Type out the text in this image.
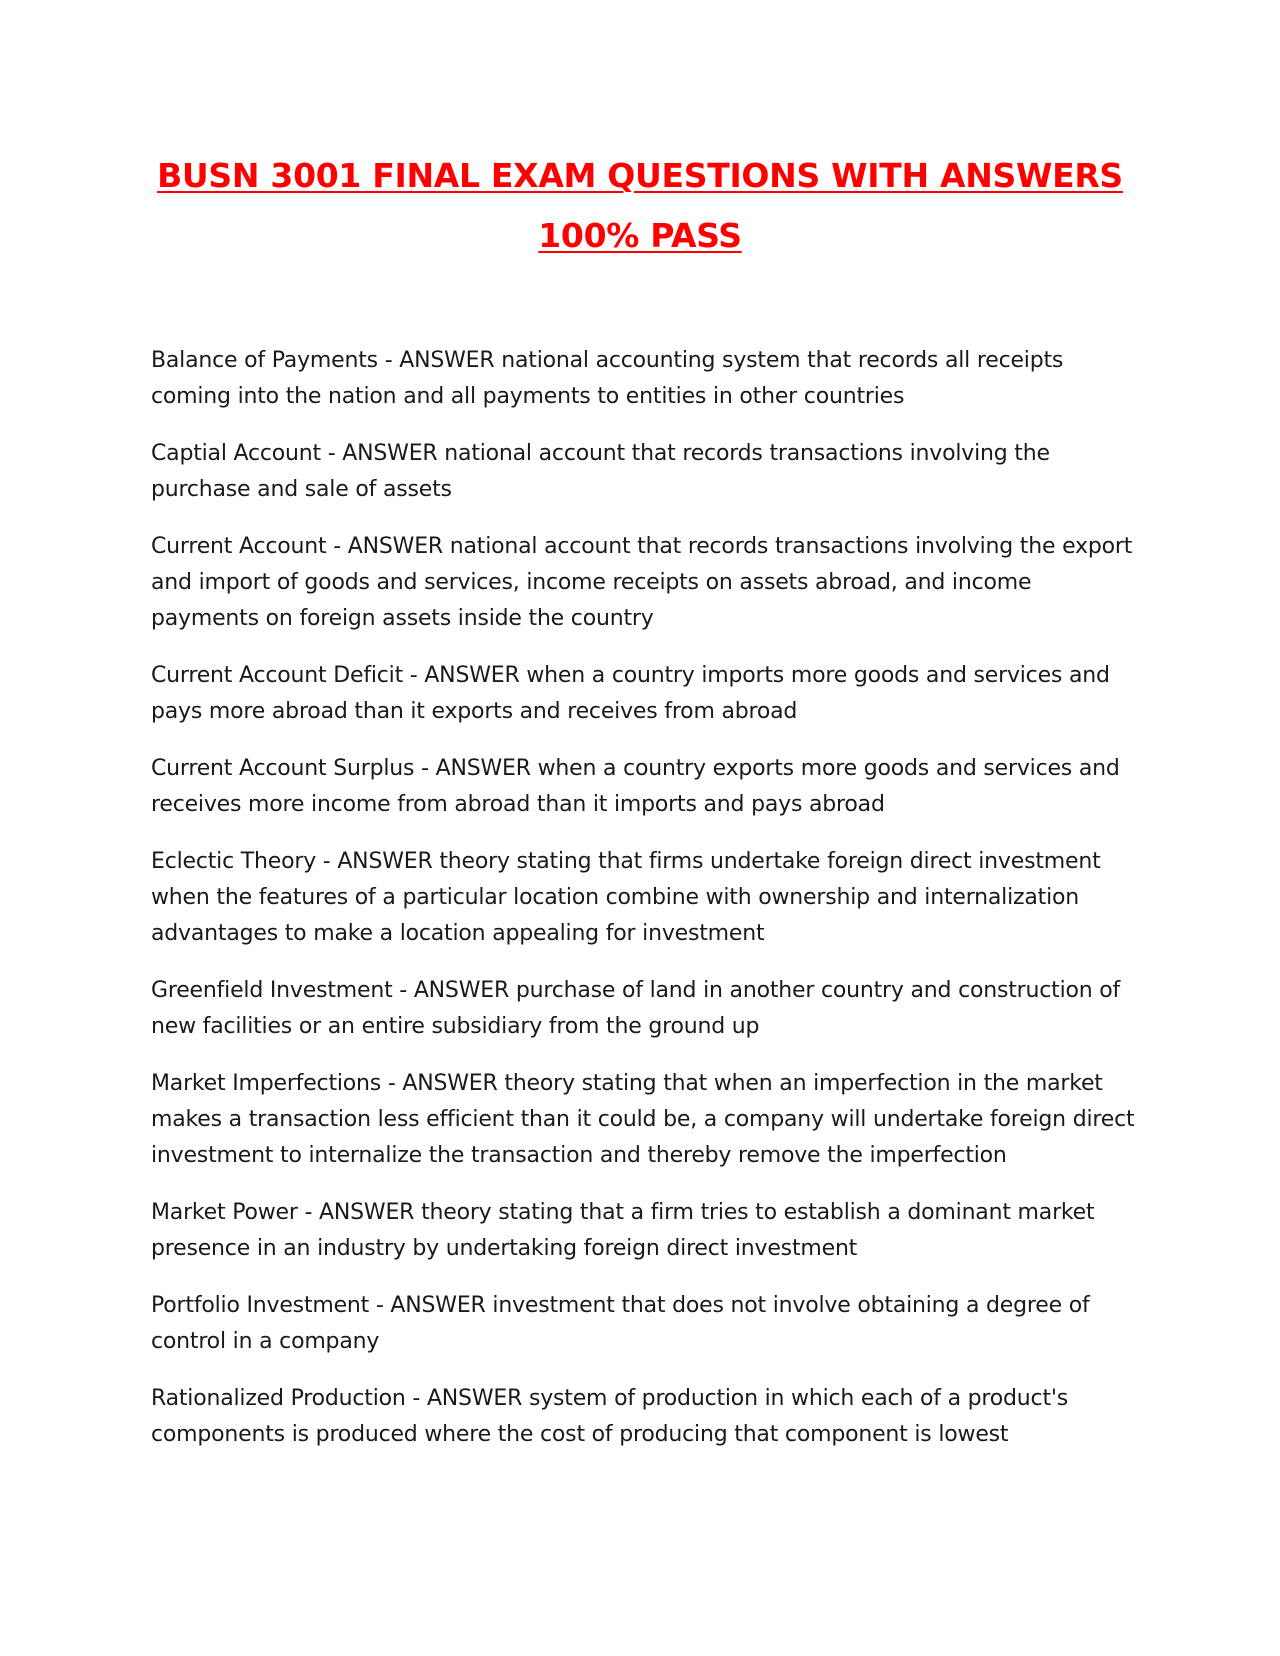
BUSN 3001 FINAL EXAM QUESTIONS WITH ANSWERS
100% PASS

Balance of Payments - ANSWER national accounting system that records all receipts coming into the nation and all payments to entities in other countries

Captial Account - ANSWER national account that records transactions involving the purchase and sale of assets

Current Account - ANSWER national account that records transactions involving the export and import of goods and services, income receipts on assets abroad, and income payments on foreign assets inside the country

Current Account Deficit - ANSWER when a country imports more goods and services and pays more abroad than it exports and receives from abroad

Current Account Surplus - ANSWER when a country exports more goods and services and receives more income from abroad than it imports and pays abroad

Eclectic Theory - ANSWER theory stating that firms undertake foreign direct investment when the features of a particular location combine with ownership and internalization advantages to make a location appealing for investment

Greenfield Investment - ANSWER purchase of land in another country and construction of new facilities or an entire subsidiary from the ground up

Market Imperfections - ANSWER theory stating that when an imperfection in the market makes a transaction less efficient than it could be, a company will undertake foreign direct investment to internalize the transaction and thereby remove the imperfection

Market Power - ANSWER theory stating that a firm tries to establish a dominant market presence in an industry by undertaking foreign direct investment

Portfolio Investment - ANSWER investment that does not involve obtaining a degree of control in a company

Rationalized Production - ANSWER system of production in which each of a product's components is produced where the cost of producing that component is lowest
